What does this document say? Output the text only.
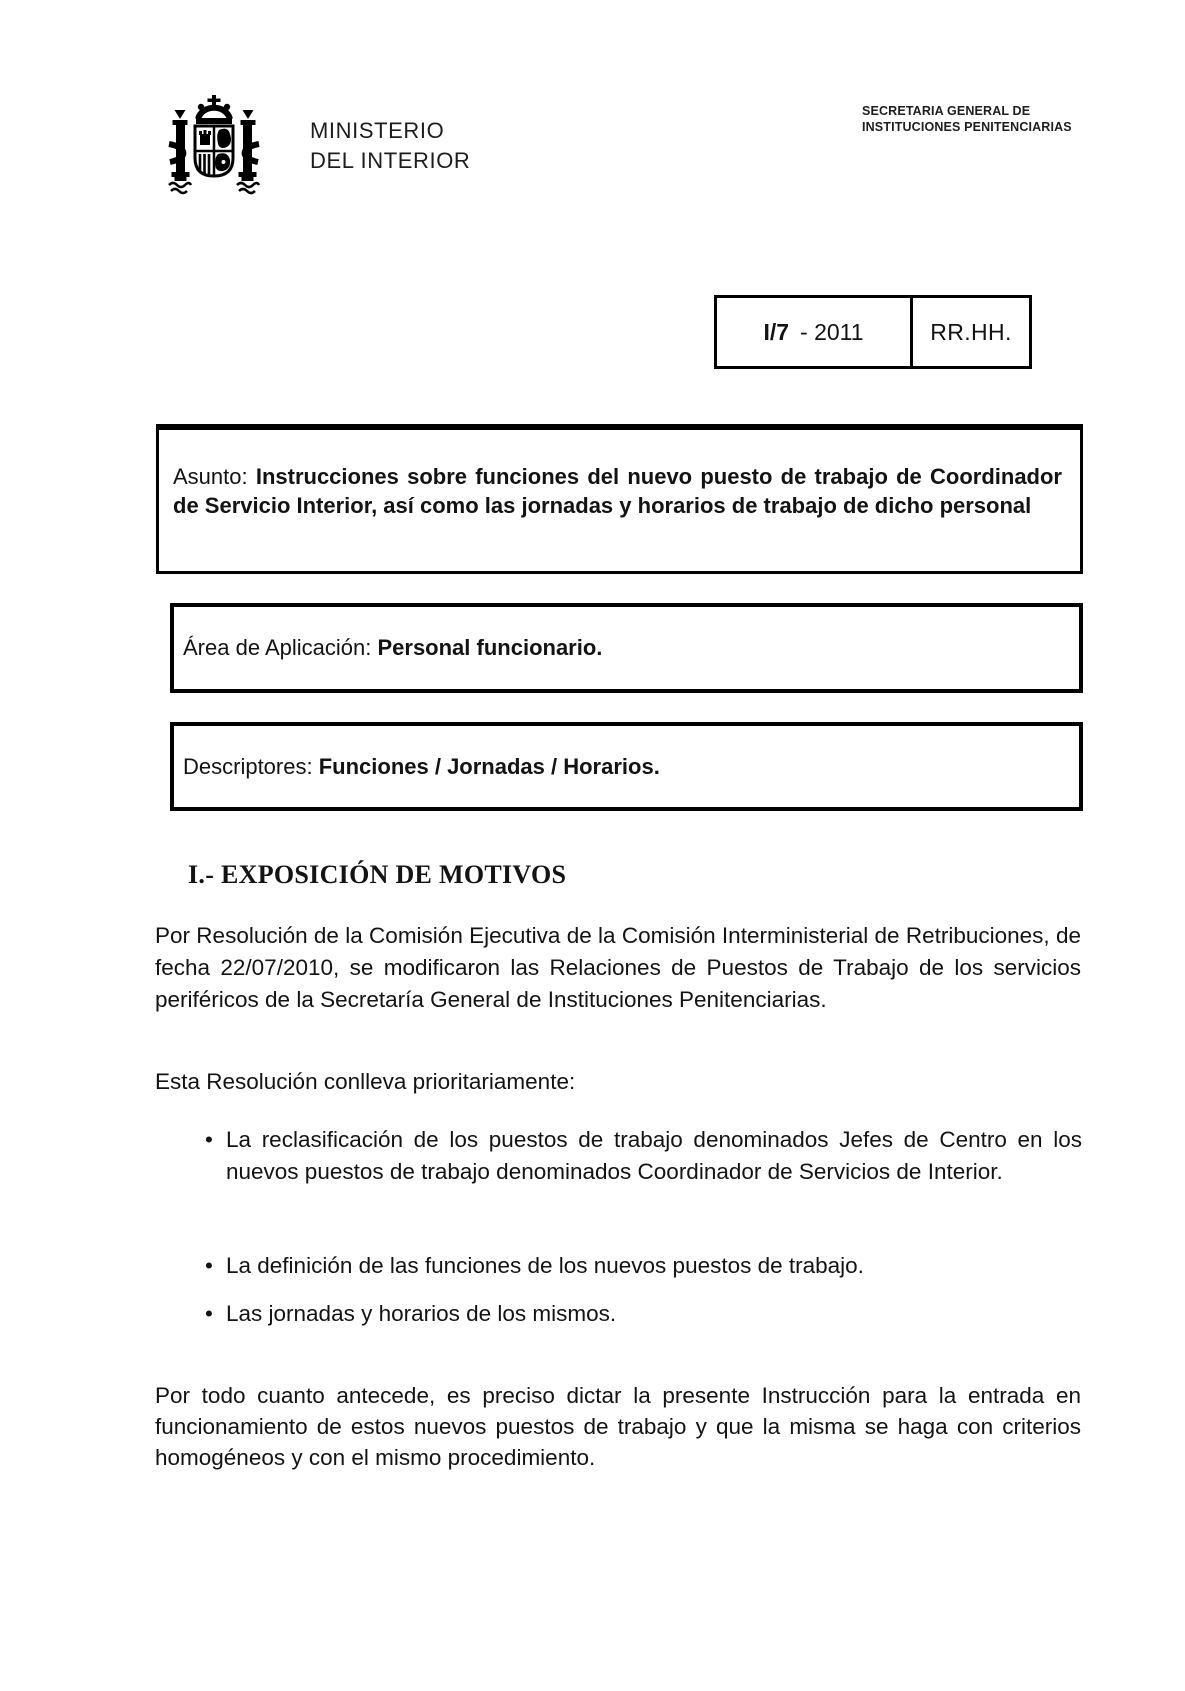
MINISTERIO
DEL INTERIOR
SECRETARIA GENERAL DE
INSTITUCIONES PENITENCIARIAS
I/7 - 2011	RR.HH.
Asunto: Instrucciones sobre funciones del nuevo puesto de trabajo de Coordinador de Servicio Interior, así como las jornadas y horarios de trabajo de dicho personal
Área de Aplicación: Personal funcionario.
Descriptores: Funciones / Jornadas / Horarios.
I.- EXPOSICIÓN DE MOTIVOS

Por Resolución de la Comisión Ejecutiva de la Comisión Interministerial de Retribuciones, de fecha 22/07/2010, se modificaron las Relaciones de Puestos de Trabajo de los servicios periféricos de la Secretaría General de Instituciones Penitenciarias.

Esta Resolución conlleva prioritariamente:

•
La reclasificación de los puestos de trabajo denominados Jefes de Centro en los nuevos puestos de trabajo denominados Coordinador de Servicios de Interior.
•
La definición de las funciones de los nuevos puestos de trabajo.
•
Las jornadas y horarios de los mismos.

Por todo cuanto antecede, es preciso dictar la presente Instrucción para la entrada en funcionamiento de estos nuevos puestos de trabajo y que la misma se haga con criterios homogéneos y con el mismo procedimiento.
